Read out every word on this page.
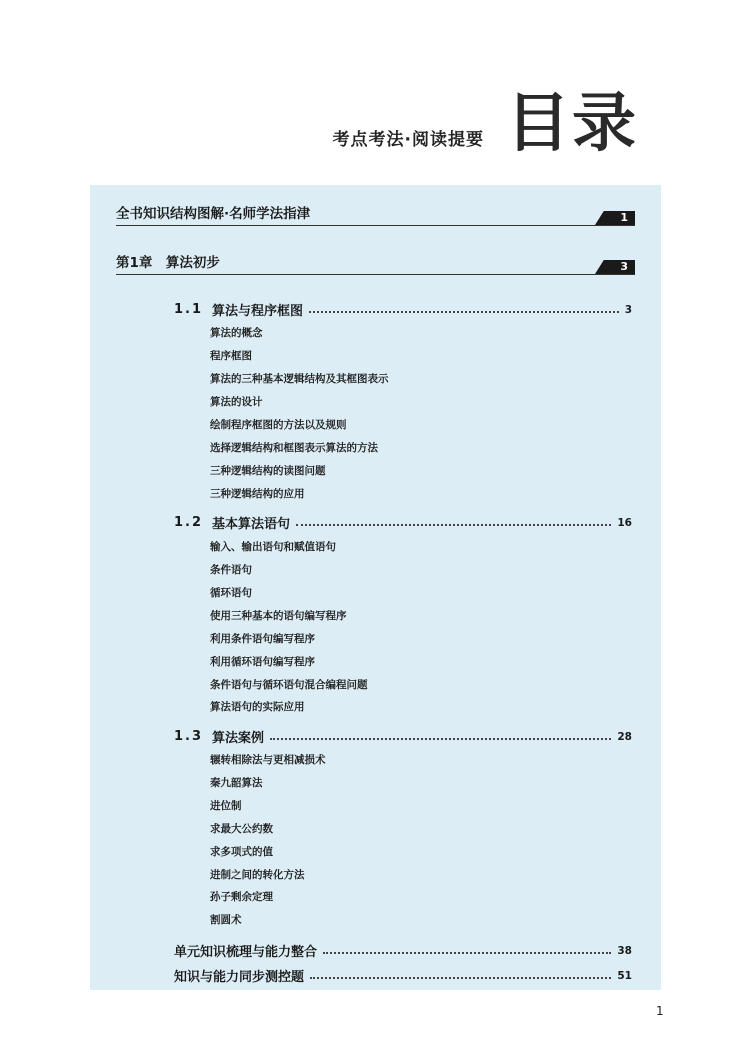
考点考法·阅读提要 目录
全书知识结构图解·名师学法指津	1
第1章　算法初步	3
1.1 算法与程序框图	3
算法的概念
程序框图
算法的三种基本逻辑结构及其框图表示
算法的设计
绘制程序框图的方法以及规则
选择逻辑结构和框图表示算法的方法
三种逻辑结构的读图问题
三种逻辑结构的应用
1.2 基本算法语句	16
输入、输出语句和赋值语句
条件语句
循环语句
使用三种基本的语句编写程序
利用条件语句编写程序
利用循环语句编写程序
条件语句与循环语句混合编程问题
算法语句的实际应用
1.3 算法案例	28
辗转相除法与更相减损术
秦九韶算法
进位制
求最大公约数
求多项式的值
进制之间的转化方法
孙子剩余定理
割圆术
单元知识梳理与能力整合	38
知识与能力同步测控题	51
1
